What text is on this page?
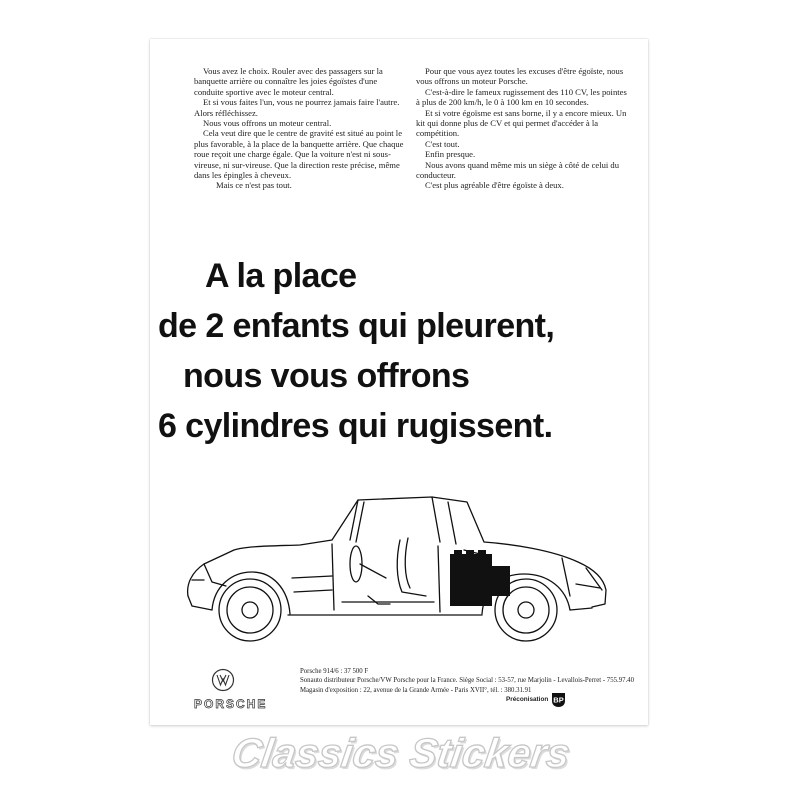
Vous avez le choix. Rouler avec des passagers sur la banquette arrière ou connaître les joies égoïstes d'une conduite sportive avec le moteur central.

Et si vous faites l'un, vous ne pourrez jamais faire l'autre. Alors réfléchissez.

Nous vous offrons un moteur central.

Cela veut dire que le centre de gravité est situé au point le plus favorable, à la place de la banquette arrière. Que chaque roue reçoit une charge égale. Que la voiture n'est ni sous-vireuse, ni sur-vireuse. Que la direction reste précise, même dans les épingles à cheveux.

Mais ce n'est pas tout.

Pour que vous ayez toutes les excuses d'être égoïste, nous vous offrons un moteur Porsche.

C'est-à-dire le fameux rugissement des 110 CV, les pointes à plus de 200 km/h, le 0 à 100 km en 10 secondes.

Et si votre égoïsme est sans borne, il y a encore mieux. Un kit qui donne plus de CV et qui permet d'accéder à la compétition.

C'est tout.

Enfin presque.

Nous avons quand même mis un siège à côté de celui du conducteur.

C'est plus agréable d'être égoïste à deux.

A la place
de 2 enfants qui pleurent,
nous vous offrons
6 cylindres qui rugissent.
PORSCHE
Porsche 914/6 : 37 500 F
Sonauto distributeur Porsche/VW Porsche pour la France. Siège Social : 53-57, rue Marjolin - Levallois-Perret - 755.97.40
Magasin d'exposition : 22, avenue de la Grande Armée - Paris XVII°, tél. : 380.31.91
Préconisation BP
Classics Stickers
